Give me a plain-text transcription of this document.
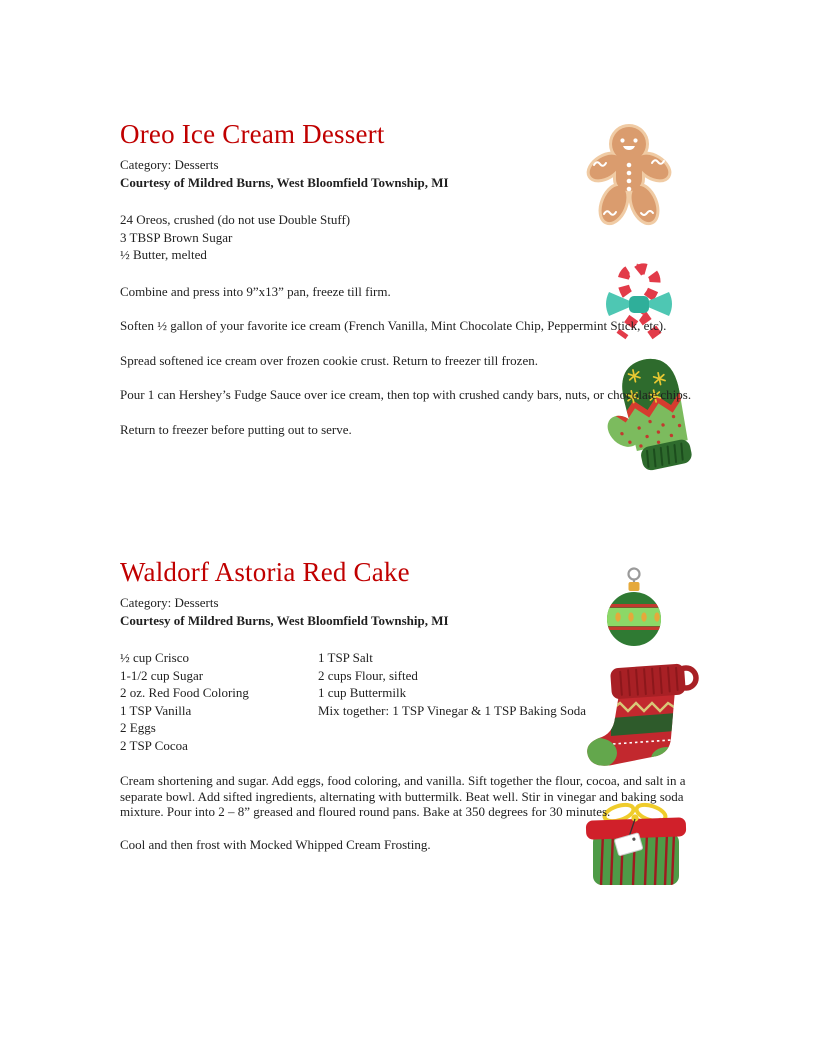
Oreo Ice Cream Dessert
Category: Desserts
Courtesy of Mildred Burns, West Bloomfield Township, MI
24 Oreos, crushed (do not use Double Stuff)
3 TBSP Brown Sugar
½ Butter, melted

Combine and press into 9”x13” pan, freeze till firm.

Soften ½ gallon of your favorite ice cream (French Vanilla, Mint Chocolate Chip, Peppermint Stick, etc).

Spread softened ice cream over frozen cookie crust. Return to freezer till frozen.

Pour 1 can Hershey’s Fudge Sauce over ice cream, then top with crushed candy bars, nuts, or chocolate chips.

Return to freezer before putting out to serve.

Waldorf Astoria Red Cake
Category: Desserts
Courtesy of Mildred Burns, West Bloomfield Township, MI
½ cup Crisco
1-1/2 cup Sugar
2 oz. Red Food Coloring
1 TSP Vanilla
2 Eggs
2 TSP Cocoa
1 TSP Salt
2 cups Flour, sifted
1 cup Buttermilk
Mix together: 1 TSP Vinegar & 1 TSP Baking Soda

Cream shortening and sugar. Add eggs, food coloring, and vanilla. Sift together the flour, cocoa, and salt in a separate bowl. Add sifted ingredients, alternating with buttermilk. Beat well. Stir in vinegar and baking soda mixture. Pour into 2 – 8” greased and floured round pans. Bake at 350 degrees for 30 minutes.

Cool and then frost with Mocked Whipped Cream Frosting.
